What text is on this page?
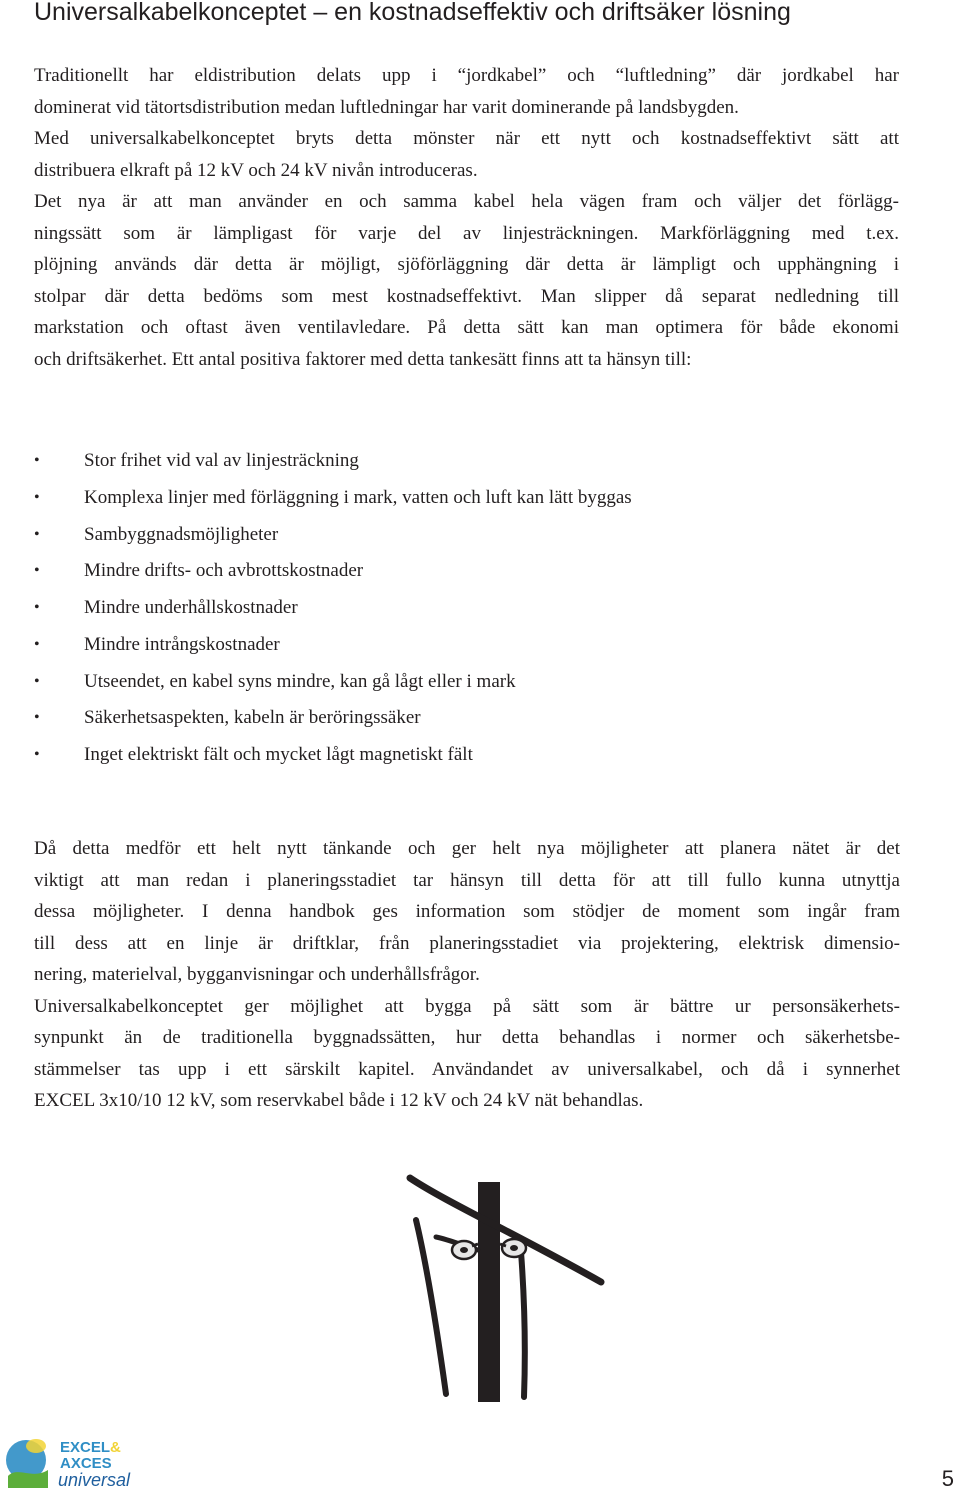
Universalkabelkonceptet – en kostnadseffektiv och driftsäker lösning
Traditionellt har eldistribution delats upp i “jordkabel” och “luftledning” där jordkabel har
dominerat vid tätortsdistribution medan luftledningar har varit dominerande på landsbygden.
Med universalkabelkonceptet bryts detta mönster när ett nytt och kostnadseffektivt sätt att
distribuera elkraft på 12 kV och 24 kV nivån introduceras.
Det nya är att man använder en och samma kabel hela vägen fram och väljer det förlägg-
ningssätt som är lämpligast för varje del av linjesträckningen. Markförläggning med t.ex.
plöjning används där detta är möjligt, sjöförläggning där detta är lämpligt och upphängning i
stolpar där detta bedöms som mest kostnadseffektivt. Man slipper då separat nedledning till
markstation och oftast även ventilavledare. På detta sätt kan man optimera för både ekonomi
och driftsäkerhet. Ett antal positiva faktorer med detta tankesätt finns att ta hänsyn till:
• Stor frihet vid val av linjesträckning
• Komplexa linjer med förläggning i mark, vatten och luft kan lätt byggas
• Sambyggnadsmöjligheter
• Mindre drifts- och avbrottskostnader
• Mindre underhållskostnader
• Mindre intrångskostnader
• Utseendet, en kabel syns mindre, kan gå lågt eller i mark
• Säkerhetsaspekten, kabeln är beröringssäker
• Inget elektriskt fält och mycket lågt magnetiskt fält
Då detta medför ett helt nytt tänkande och ger helt nya möjligheter att planera nätet är det
viktigt att man redan i planeringsstadiet tar hänsyn till detta för att till fullo kunna utnyttja
dessa möjligheter. I denna handbok ges information som stödjer de moment som ingår fram
till dess att en linje är driftklar, från planeringsstadiet via projektering, elektrisk dimensio-
nering, materielval, bygganvisningar och underhållsfrågor.
Universalkabelkonceptet ger möjlighet att bygga på sätt som är bättre ur personsäkerhets-
synpunkt än de traditionella byggnadssätten, hur detta behandlas i normer och säkerhetsbe-
stämmelser tas upp i ett särskilt kapitel. Användandet av universalkabel, och då i synnerhet
EXCEL 3x10/10 12 kV, som reservkabel både i 12 kV och 24 kV nät behandlas.
EXCEL &
AXCES
universal	5
